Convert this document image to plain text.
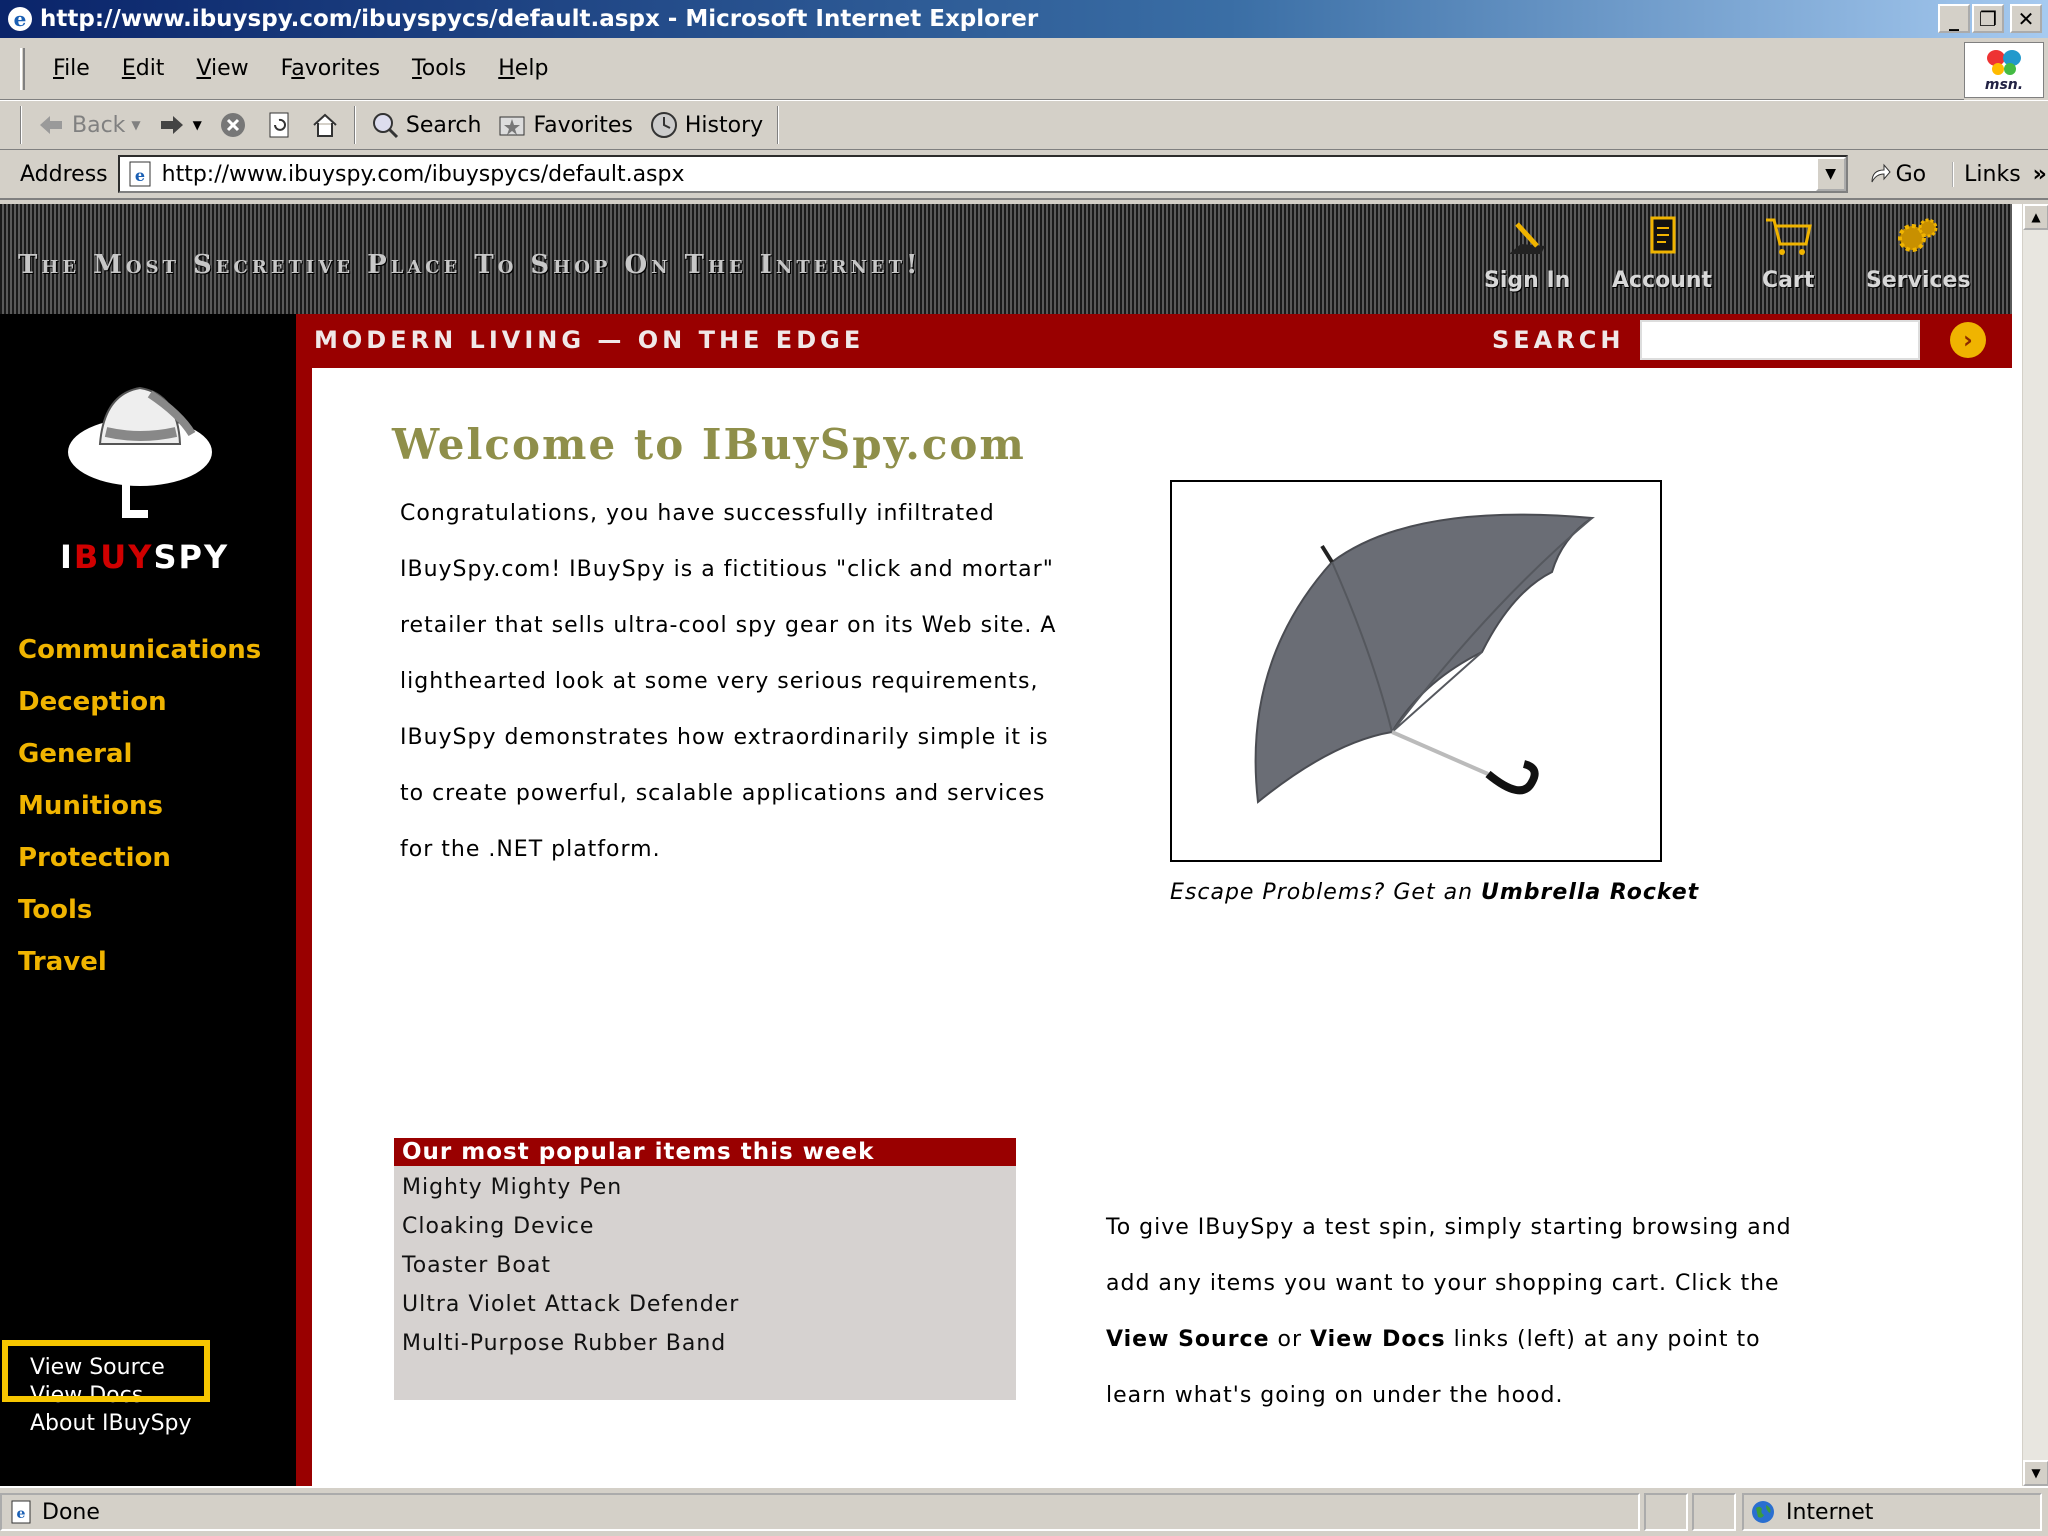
e http://www.ibuyspy.com/ibuyspycs/default.aspx - Microsoft Internet Explorer	_	❐	✕
File	Edit	View	Favorites	Tools	Help
msn.
Back ▼	▼	Search Favorites History
Address e http://www.ibuyspy.com/ibuyspycs/default.aspx	▼	Go	Links »
The Most Secretive Place To Shop On The Internet!
Sign In Account Cart Services
IBUYSPY
Communications
Deception
General
Munitions
Protection
Tools
Travel
View Source
View Docs
About IBuySpy
MODERN LIVING — ON THE EDGE	SEARCH	›
Welcome to IBuySpy.com
Congratulations, you have successfully infiltrated IBuySpy.com! IBuySpy is a fictitious "click and mortar" retailer that sells ultra-cool spy gear on its Web site. A lighthearted look at some very serious requirements, IBuySpy demonstrates how extraordinarily simple it is to create powerful, scalable applications and services for the .NET platform.
Escape Problems? Get an Umbrella Rocket
Our most popular items this week
Mighty Mighty Pen
Cloaking Device
Toaster Boat
Ultra Violet Attack Defender
Multi-Purpose Rubber Band
To give IBuySpy a test spin, simply starting browsing and add any items you want to your shopping cart. Click the View Source or View Docs links (left) at any point to learn what's going on under the hood.
▲
▼
e Done	Internet
